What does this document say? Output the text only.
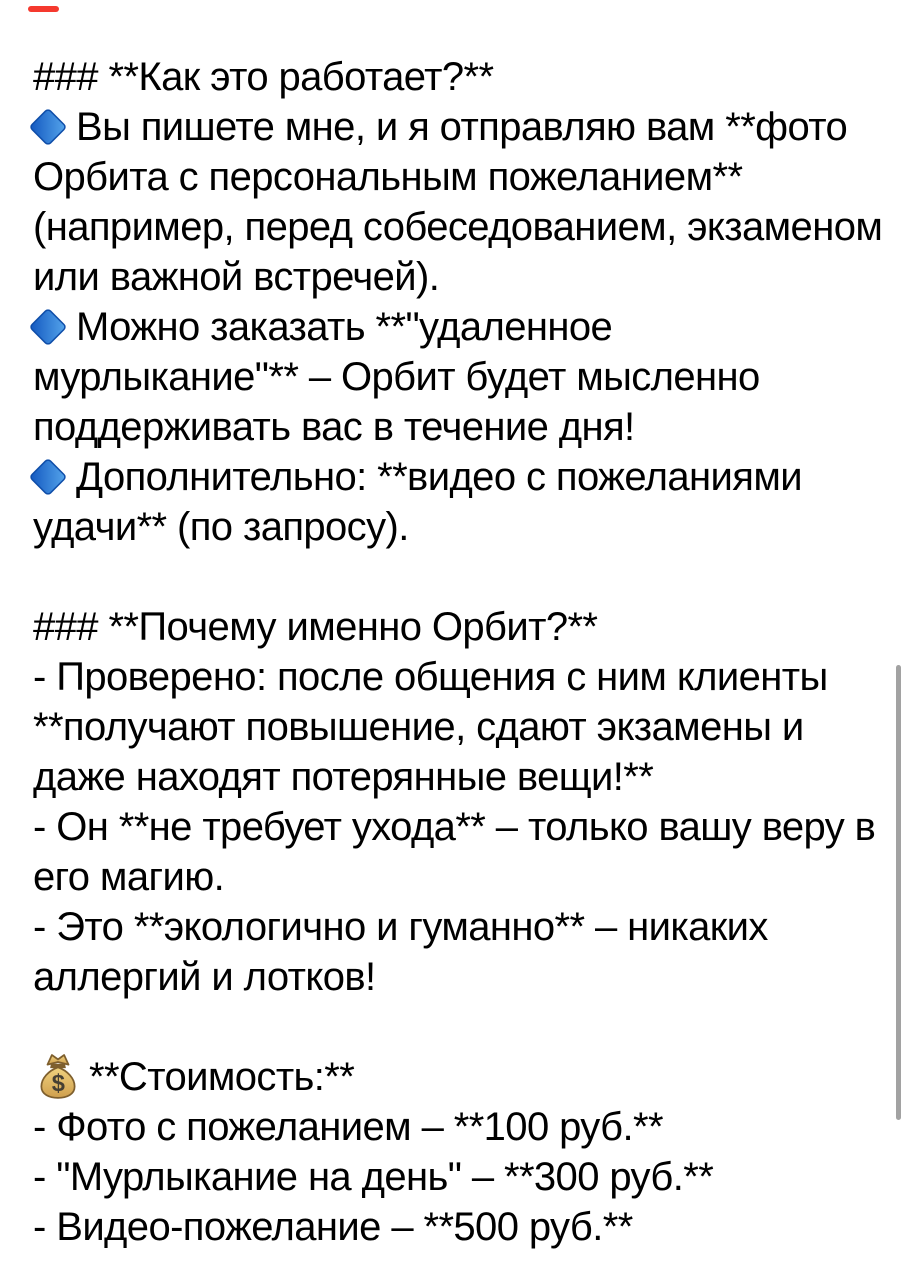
### **Как это работает?**
Вы пишете мне, и я отправляю вам **фото
Орбита с персональным пожеланием**
(например, перед собеседованием, экзаменом
или важной встречей).
Можно заказать **"удаленное
мурлыкание"** – Орбит будет мысленно
поддерживать вас в течение дня!
Дополнительно: **видео с пожеланиями
удачи** (по запросу).
### **Почему именно Орбит?**
- Проверено: после общения с ним клиенты
**получают повышение, сдают экзамены и
даже находят потерянные вещи!**
- Он **не требует ухода** – только вашу веру в
его магию.
- Это **экологично и гуманно** – никаких
аллергий и лотков!
$ **Стоимость:**
- Фото с пожеланием – **100 руб.**
- "Мурлыкание на день" – **300 руб.**
- Видео-пожелание – **500 руб.**
